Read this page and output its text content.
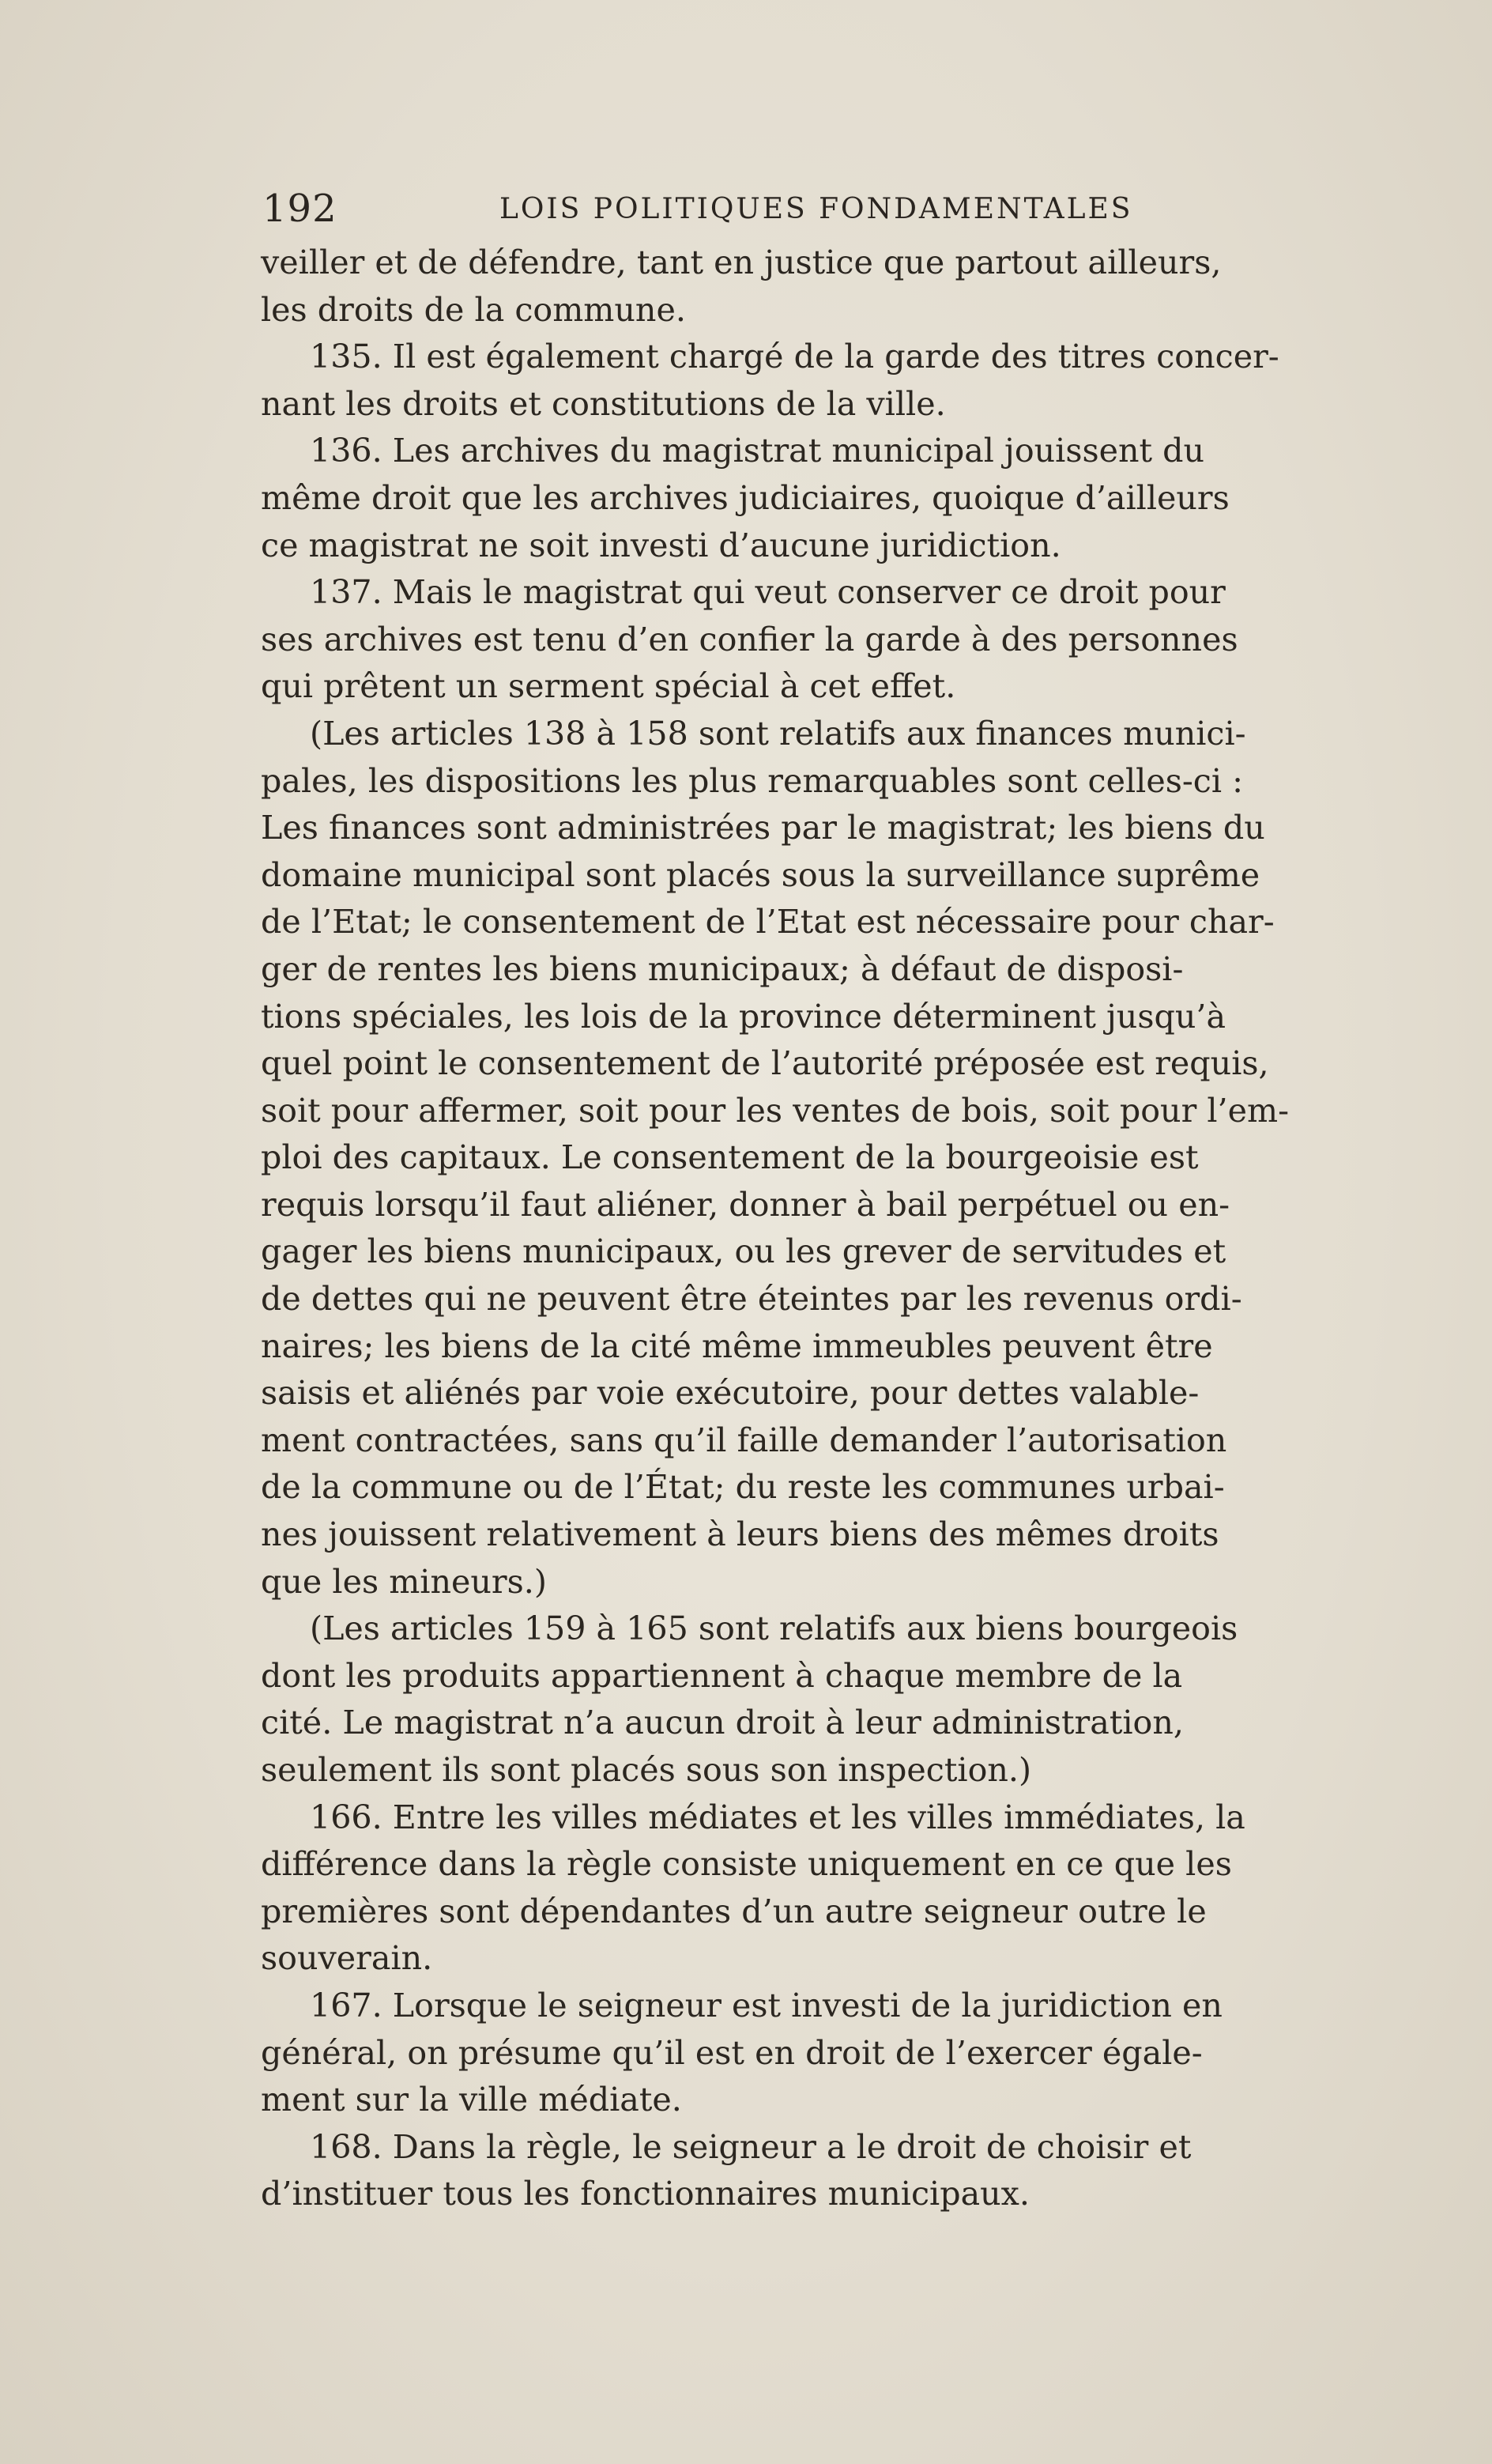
192	LOIS POLITIQUES FONDAMENTALES
veiller et de défendre, tant en justice que partout ailleurs,
les droits de la commune.
135. Il est également chargé de la garde des titres concer-
nant les droits et constitutions de la ville.
136. Les archives du magistrat municipal jouissent du
même droit que les archives judiciaires, quoique d’ailleurs
ce magistrat ne soit investi d’aucune juridiction.
137. Mais le magistrat qui veut conserver ce droit pour
ses archives est tenu d’en confier la garde à des personnes
qui prêtent un serment spécial à cet effet.
(Les articles 138 à 158 sont relatifs aux finances munici-
pales, les dispositions les plus remarquables sont celles-ci :
Les finances sont administrées par le magistrat; les biens du
domaine municipal sont placés sous la surveillance suprême
de l’Etat; le consentement de l’Etat est nécessaire pour char-
ger de rentes les biens municipaux; à défaut de disposi-
tions spéciales, les lois de la province déterminent jusqu’à
quel point le consentement de l’autorité préposée est requis,
soit pour affermer, soit pour les ventes de bois, soit pour l’em-
ploi des capitaux. Le consentement de la bourgeoisie est
requis lorsqu’il faut aliéner, donner à bail perpétuel ou en-
gager les biens municipaux, ou les grever de servitudes et
de dettes qui ne peuvent être éteintes par les revenus ordi-
naires; les biens de la cité même immeubles peuvent être
saisis et aliénés par voie exécutoire, pour dettes valable-
ment contractées, sans qu’il faille demander l’autorisation
de la commune ou de l’État; du reste les communes urbai-
nes jouissent relativement à leurs biens des mêmes droits
que les mineurs.)
(Les articles 159 à 165 sont relatifs aux biens bourgeois
dont les produits appartiennent à chaque membre de la
cité. Le magistrat n’a aucun droit à leur administration,
seulement ils sont placés sous son inspection.)
166. Entre les villes médiates et les villes immédiates, la
différence dans la règle consiste uniquement en ce que les
premières sont dépendantes d’un autre seigneur outre le
souverain.
167. Lorsque le seigneur est investi de la juridiction en
général, on présume qu’il est en droit de l’exercer égale-
ment sur la ville médiate.
168. Dans la règle, le seigneur a le droit de choisir et
d’instituer tous les fonctionnaires municipaux.
